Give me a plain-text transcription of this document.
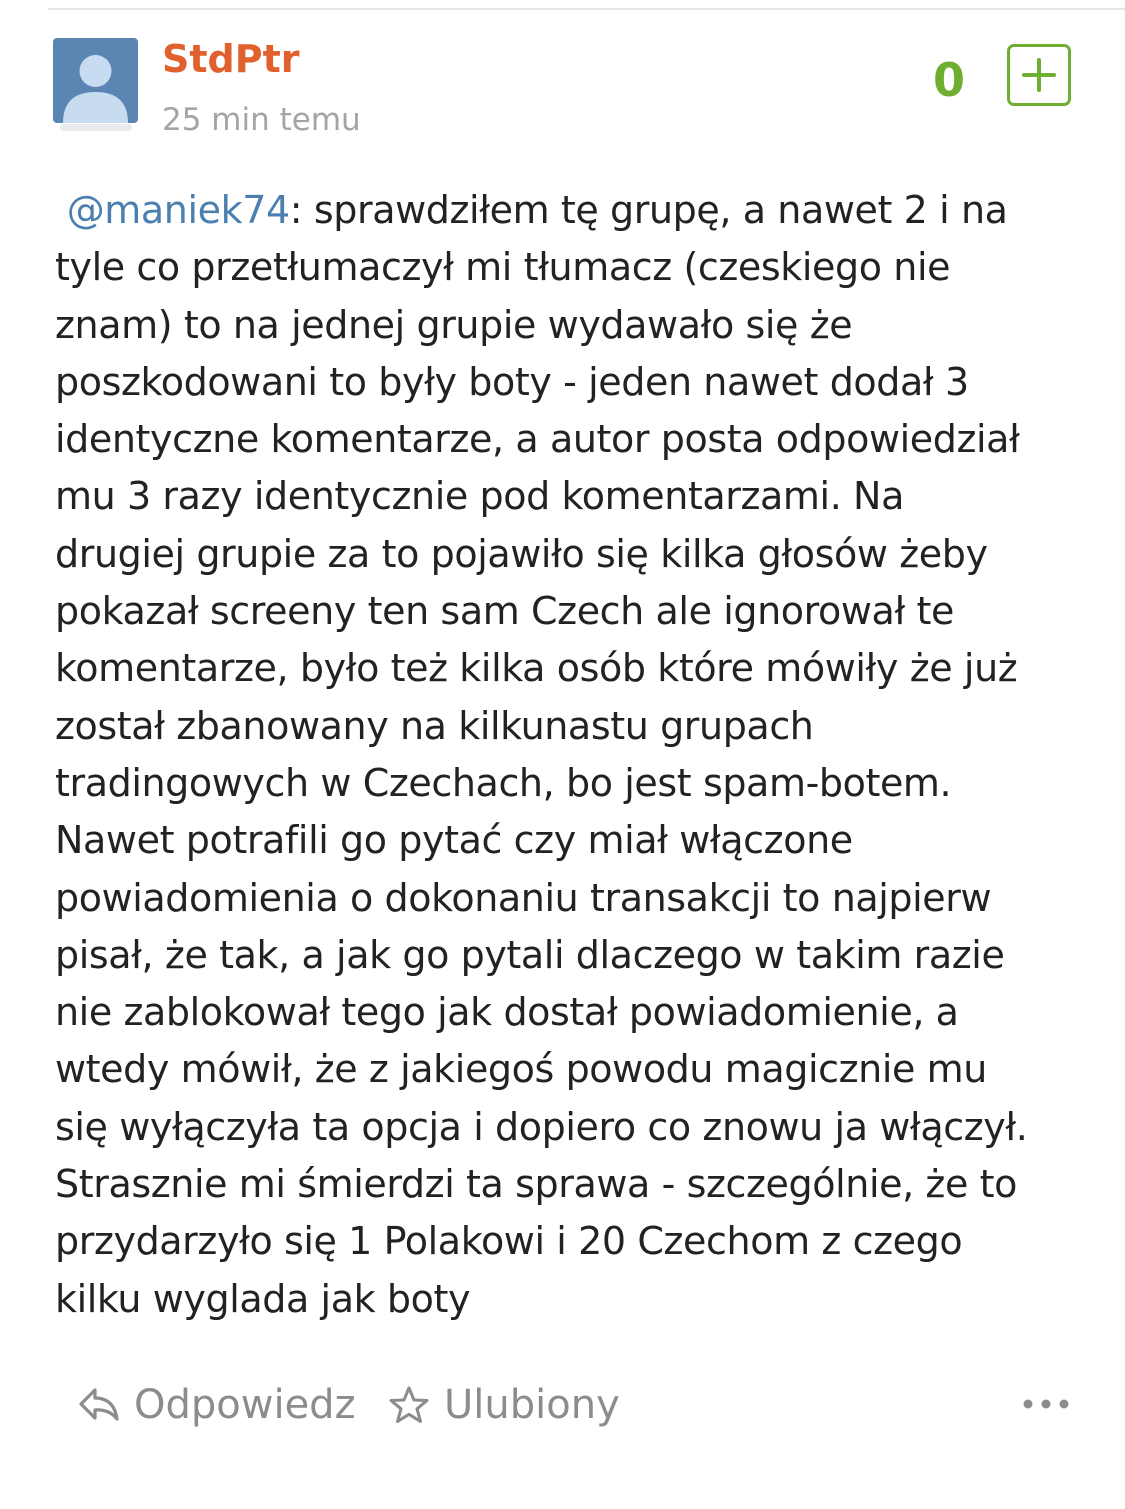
StdPtr
25 min temu
0
@maniek74: sprawdziłem tę grupę, a nawet 2 i na
tyle co przetłumaczył mi tłumacz (czeskiego nie
znam) to na jednej grupie wydawało się że
poszkodowani to były boty - jeden nawet dodał 3
identyczne komentarze, a autor posta odpowiedział
mu 3 razy identycznie pod komentarzami. Na
drugiej grupie za to pojawiło się kilka głosów żeby
pokazał screeny ten sam Czech ale ignorował te
komentarze, było też kilka osób które mówiły że już
został zbanowany na kilkunastu grupach
tradingowych w Czechach, bo jest spam-botem.
Nawet potrafili go pytać czy miał włączone
powiadomienia o dokonaniu transakcji to najpierw
pisał, że tak, a jak go pytali dlaczego w takim razie
nie zablokował tego jak dostał powiadomienie, a
wtedy mówił, że z jakiegoś powodu magicznie mu
się wyłączyła ta opcja i dopiero co znowu ja włączył.
Strasznie mi śmierdzi ta sprawa - szczególnie, że to
przydarzyło się 1 Polakowi i 20 Czechom z czego
kilku wyglada jak boty
Odpowiedz Ulubiony
